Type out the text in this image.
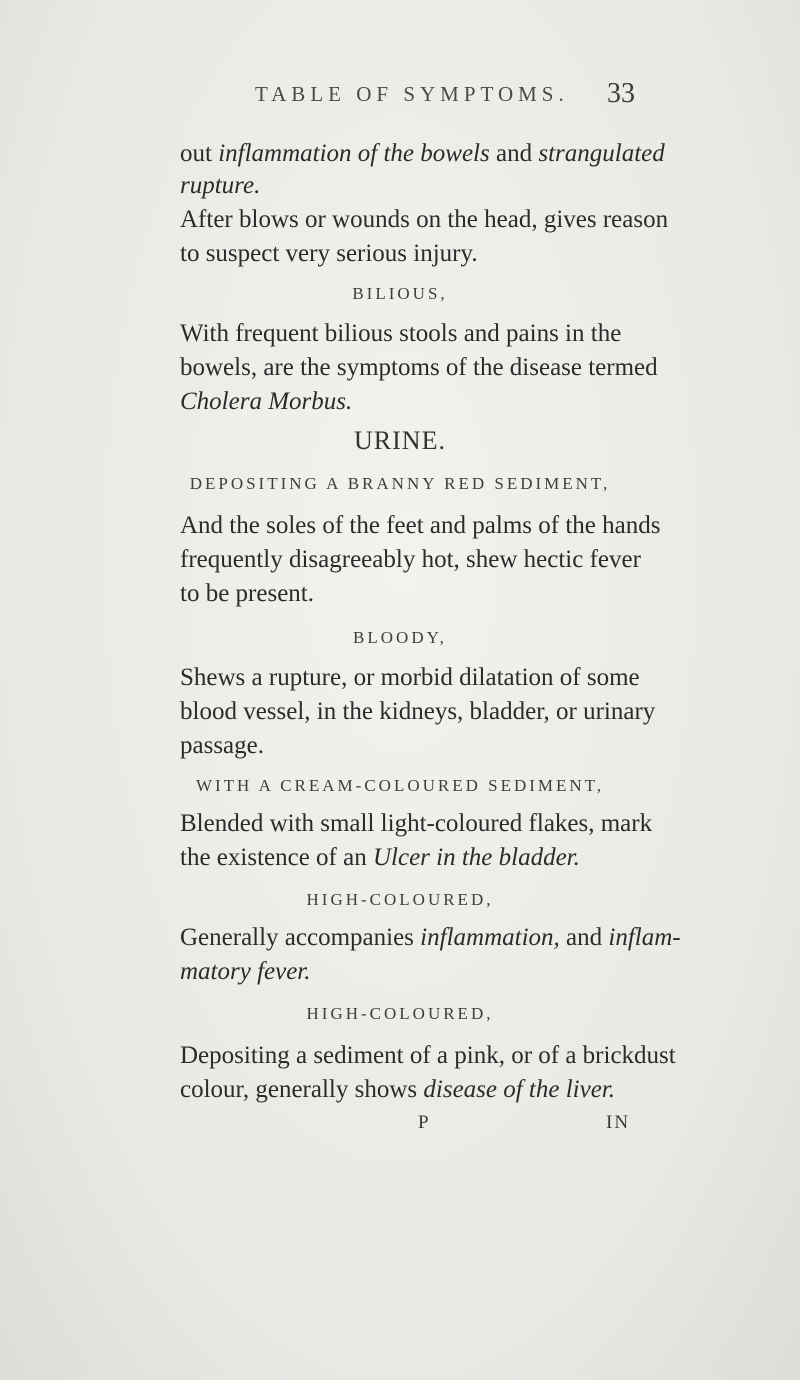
TABLE OF SYMPTOMS. 33
out inflammation of the bowels and strangulated
rupture.
After blows or wounds on the head, gives reason
to suspect very serious injury.
BILIOUS,
With frequent bilious stools and pains in the
bowels, are the symptoms of the disease termed
Cholera Morbus.
URINE.
DEPOSITING A BRANNY RED SEDIMENT,
And the soles of the feet and palms of the hands
frequently disagreeably hot, shew hectic fever
to be present.
BLOODY,
Shews a rupture, or morbid dilatation of some
blood vessel, in the kidneys, bladder, or urinary
passage.
WITH A CREAM-COLOURED SEDIMENT,
Blended with small light-coloured flakes, mark
the existence of an Ulcer in the bladder.
HIGH-COLOURED,
Generally accompanies inflammation, and inflam-
matory fever.
HIGH-COLOURED,
Depositing a sediment of a pink, or of a brickdust
colour, generally shows disease of the liver.
P	IN
